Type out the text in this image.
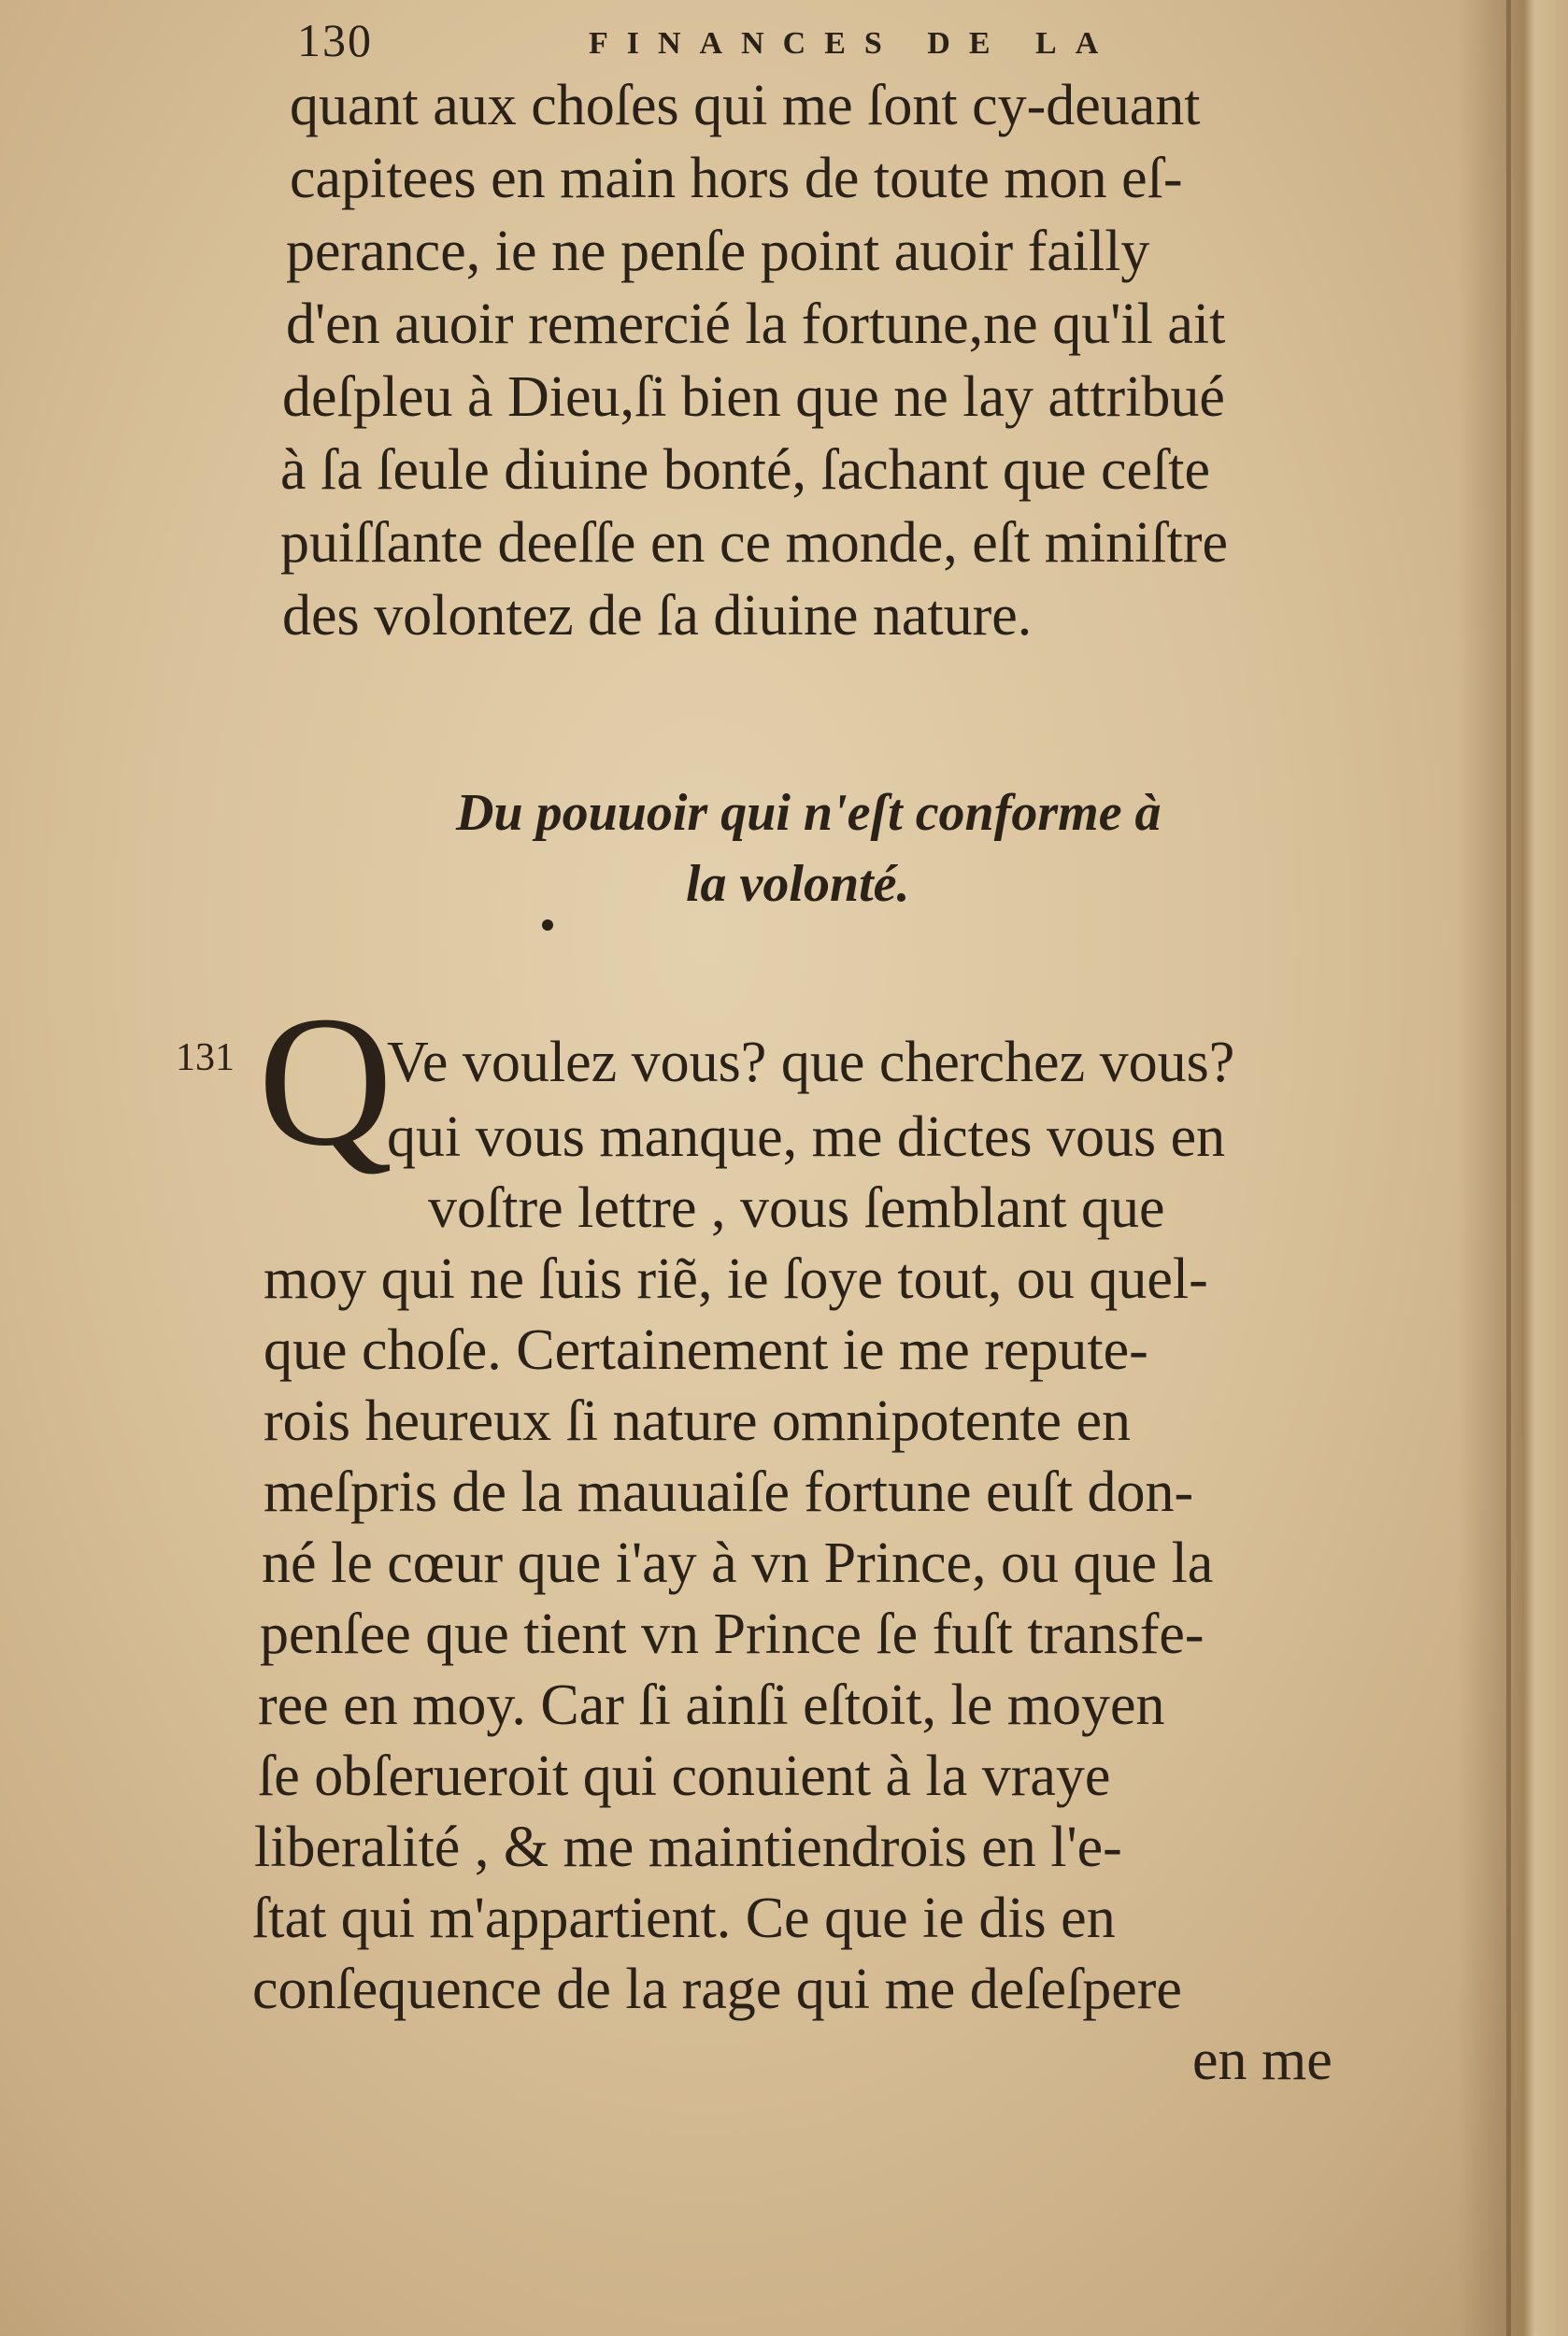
130	FINANCES DE LA
quant aux choſes qui me ſont cy-deuant
capitees en main hors de toute mon eſ-
perance, ie ne penſe point auoir failly
d'en auoir remercié la fortune,ne qu'il ait
deſpleu à Dieu,ſi bien que ne lay attribué
à ſa ſeule diuine bonté, ſachant que ceſte
puiſſante deeſſe en ce monde, eſt miniſtre
des volontez de ſa diuine nature.
Du pouuoir qui n'eſt conforme à
la volonté.
131 Q
Ve voulez vous? que cherchez vous?
qui vous manque, me dictes vous en
voſtre lettre , vous ſemblant que
moy qui ne ſuis riẽ, ie ſoye tout, ou quel-
que choſe. Certainement ie me repute-
rois heureux ſi nature omnipotente en
meſpris de la mauuaiſe fortune euſt don-
né le cœur que i'ay à vn Prince, ou que la
penſee que tient vn Prince ſe fuſt transfe-
ree en moy. Car ſi ainſi eſtoit, le moyen
ſe obſerueroit qui conuient à la vraye
liberalité , & me maintiendrois en l'e-
ſtat qui m'appartient. Ce que ie dis en
conſequence de la rage qui me deſeſpere
en me
